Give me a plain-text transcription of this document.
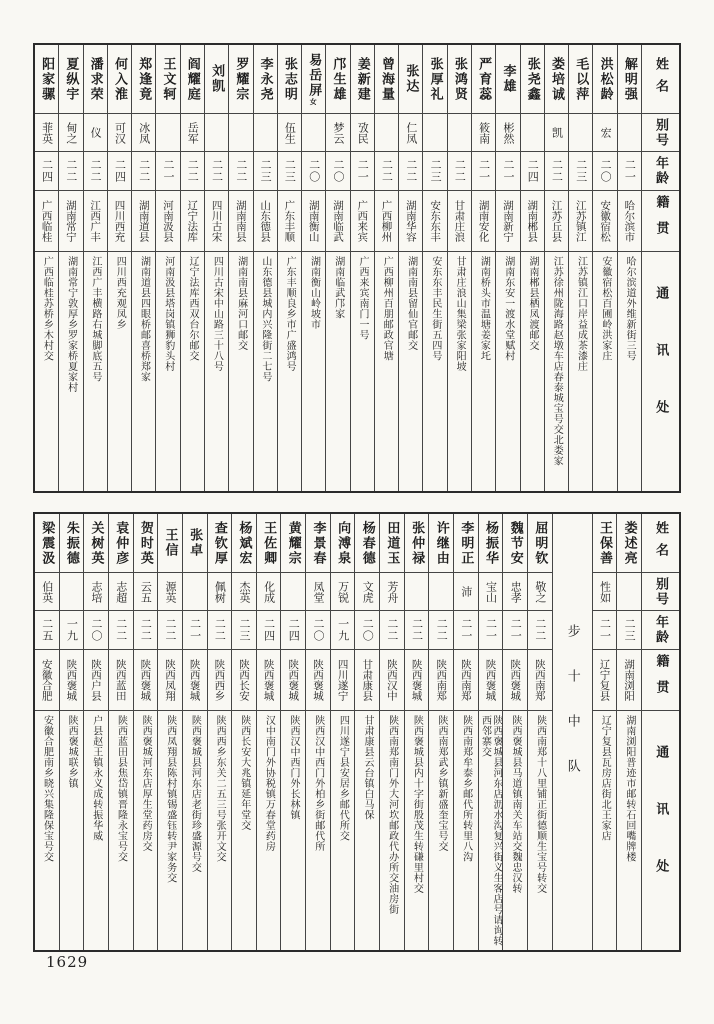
姓名
别号
年龄
籍贯
通讯处
解明强
二一
哈尔滨市
哈尔滨道外维新街三号
洪松龄
宏
二〇
安徽宿松
安徽宿松百圃岭洪家庄
毛以萍
二三
江苏镇江
江苏镇江口岸益成茶漆庄
娄培诚
凯
二二
江苏丘县
江苏徐州陇海路赵墩车店春泰城宝号交北娄家
张尧鑫
二四
湖南郴县
湖南郴县栖凤渡邮交
李雄
彬然
二一
湖南新宁
湖南东安一渡水堂赋村
严育蕊
筱南
二一
湖南安化
湖南桥头市温塘姜家圫
张鸿贤
二二
甘肃庄浪
甘肃庄浪山集梁张家阳坡
张厚礼
二三
安东东丰
安东东丰民生街五四号
张达
仁凤
二二
湖南华容
湖南南县留仙官邮交
曾海量
二二
广西柳州
广西柳州百朋邮政官塘
姜新建
攷民
二一
广西来宾
广西来宾南门一号
邝生雄
梦云
二〇
湖南临武
湖南临武邝家
易岳屏女
二〇
湖南衡山
湖南衡山岭坡市
张志明
伍生
二三
广东丰顺
广东丰顺良乡市广盛鸿号
李永尧
二三
山东德县
山东德县城内兴隆街二七号
罗耀宗
二二
湖南南县
湖南南县麻河口邮交
刘凯
二二
四川古宋
四川古宋中山路三十八号
阎耀庭
岳军
二二
辽宁法库
辽宁法库西双台尔邮交
王文轲
二一
河南汲县
河南汲县塔岗镇狮豹头村
郑逢竟
冰凤
二二
湖南道县
湖南道县四眼桥邮喜桥郑家
何入淮
可汉
二四
四川西充
四川西充观凤乡
潘求荣
仪
二二
江西广丰
江西广丰横路右城脚底五号
夏纵宇
甸之
二二
湖南常宁
湖南常宁敦厚乡罗家桥夏家村
阳家骡
菲英
二四
广西临桂
广西临桂苏桥乡木村交
姓名
别号
年龄
籍贯
通讯处
娄述亮
二三
湖南浏阳
湖南浏阳普迹市邮转石回嘴牌楼
王保善
性如
二一
辽宁复县
辽宁复县瓦房店街北王家店
步十中队
屈明钦
敬之
二二
陕西南郑
陕西南郑十八里铺正街德顺生宝号转交
魏节安
忠孝
二一
陕西褒城
陕西褒城县马道镇南关车站交魏忠汉转
杨振华
宝山
二一
陕西褒城
陕西褒城县河东店沥水沟复兴街义生客店号请询转西邻寨交
李明正
沛
二一
陕西南郑
陕西南郑牟泰乡邮代所转里八沟
许继由
二二
陕西南郑
陕西南郑武乡镇新盛奎宝号交
张仲禄
二二
陕西褒城
陕西褒城县内十字街殷茂生转磏里村交
田道玉
芳舟
二二
陕西汉中
陕西南郑南门外大河坎邮政代办所交油房街
杨春德
文虎
二〇
甘肃康县
甘肃康县云台镇白马保
向溥泉
万锐
一九
四川遂宁
四川遂宁县安居乡邮代所交
李景春
凤堂
二〇
陕西褒城
陕西汉中西门外柏乡街邮代所
黄耀宗
二四
陕西褒城
陕西汉中西门外长林镇
王佐卿
化成
二四
陕西褒城
汉中南门外协税镇万春堂药房
杨斌宏
杰英
二三
陕西长安
陕西长安大兆镇延年堂交
查钦厚
佩树
二二
陕西西乡
陕西西乡东关二五三号张开文交
张卓
二一
陕西褒城
陕西褒城县河东店老街珍盛源号交
王信
源英
二二
陕西凤翔
陕西凤翔县陈村镇锡盛钰转尹家务交
贺时英
云五
二二
陕西褒城
陕西褒城河东店厚生堂药房交
袁仲彦
志超
二二
陕西蓝田
陕西蓝田县焦岱镇晋隆永宝号交
关树英
志培
二〇
陕西户县
户县赵王镇永义成转振华威
朱振德
一九
陕西褒城
陕西褒城联乡镇
梁震汲
伯英
二五
安徽合肥
安徽合肥南乡晓兴集隆保宝号交
1629
